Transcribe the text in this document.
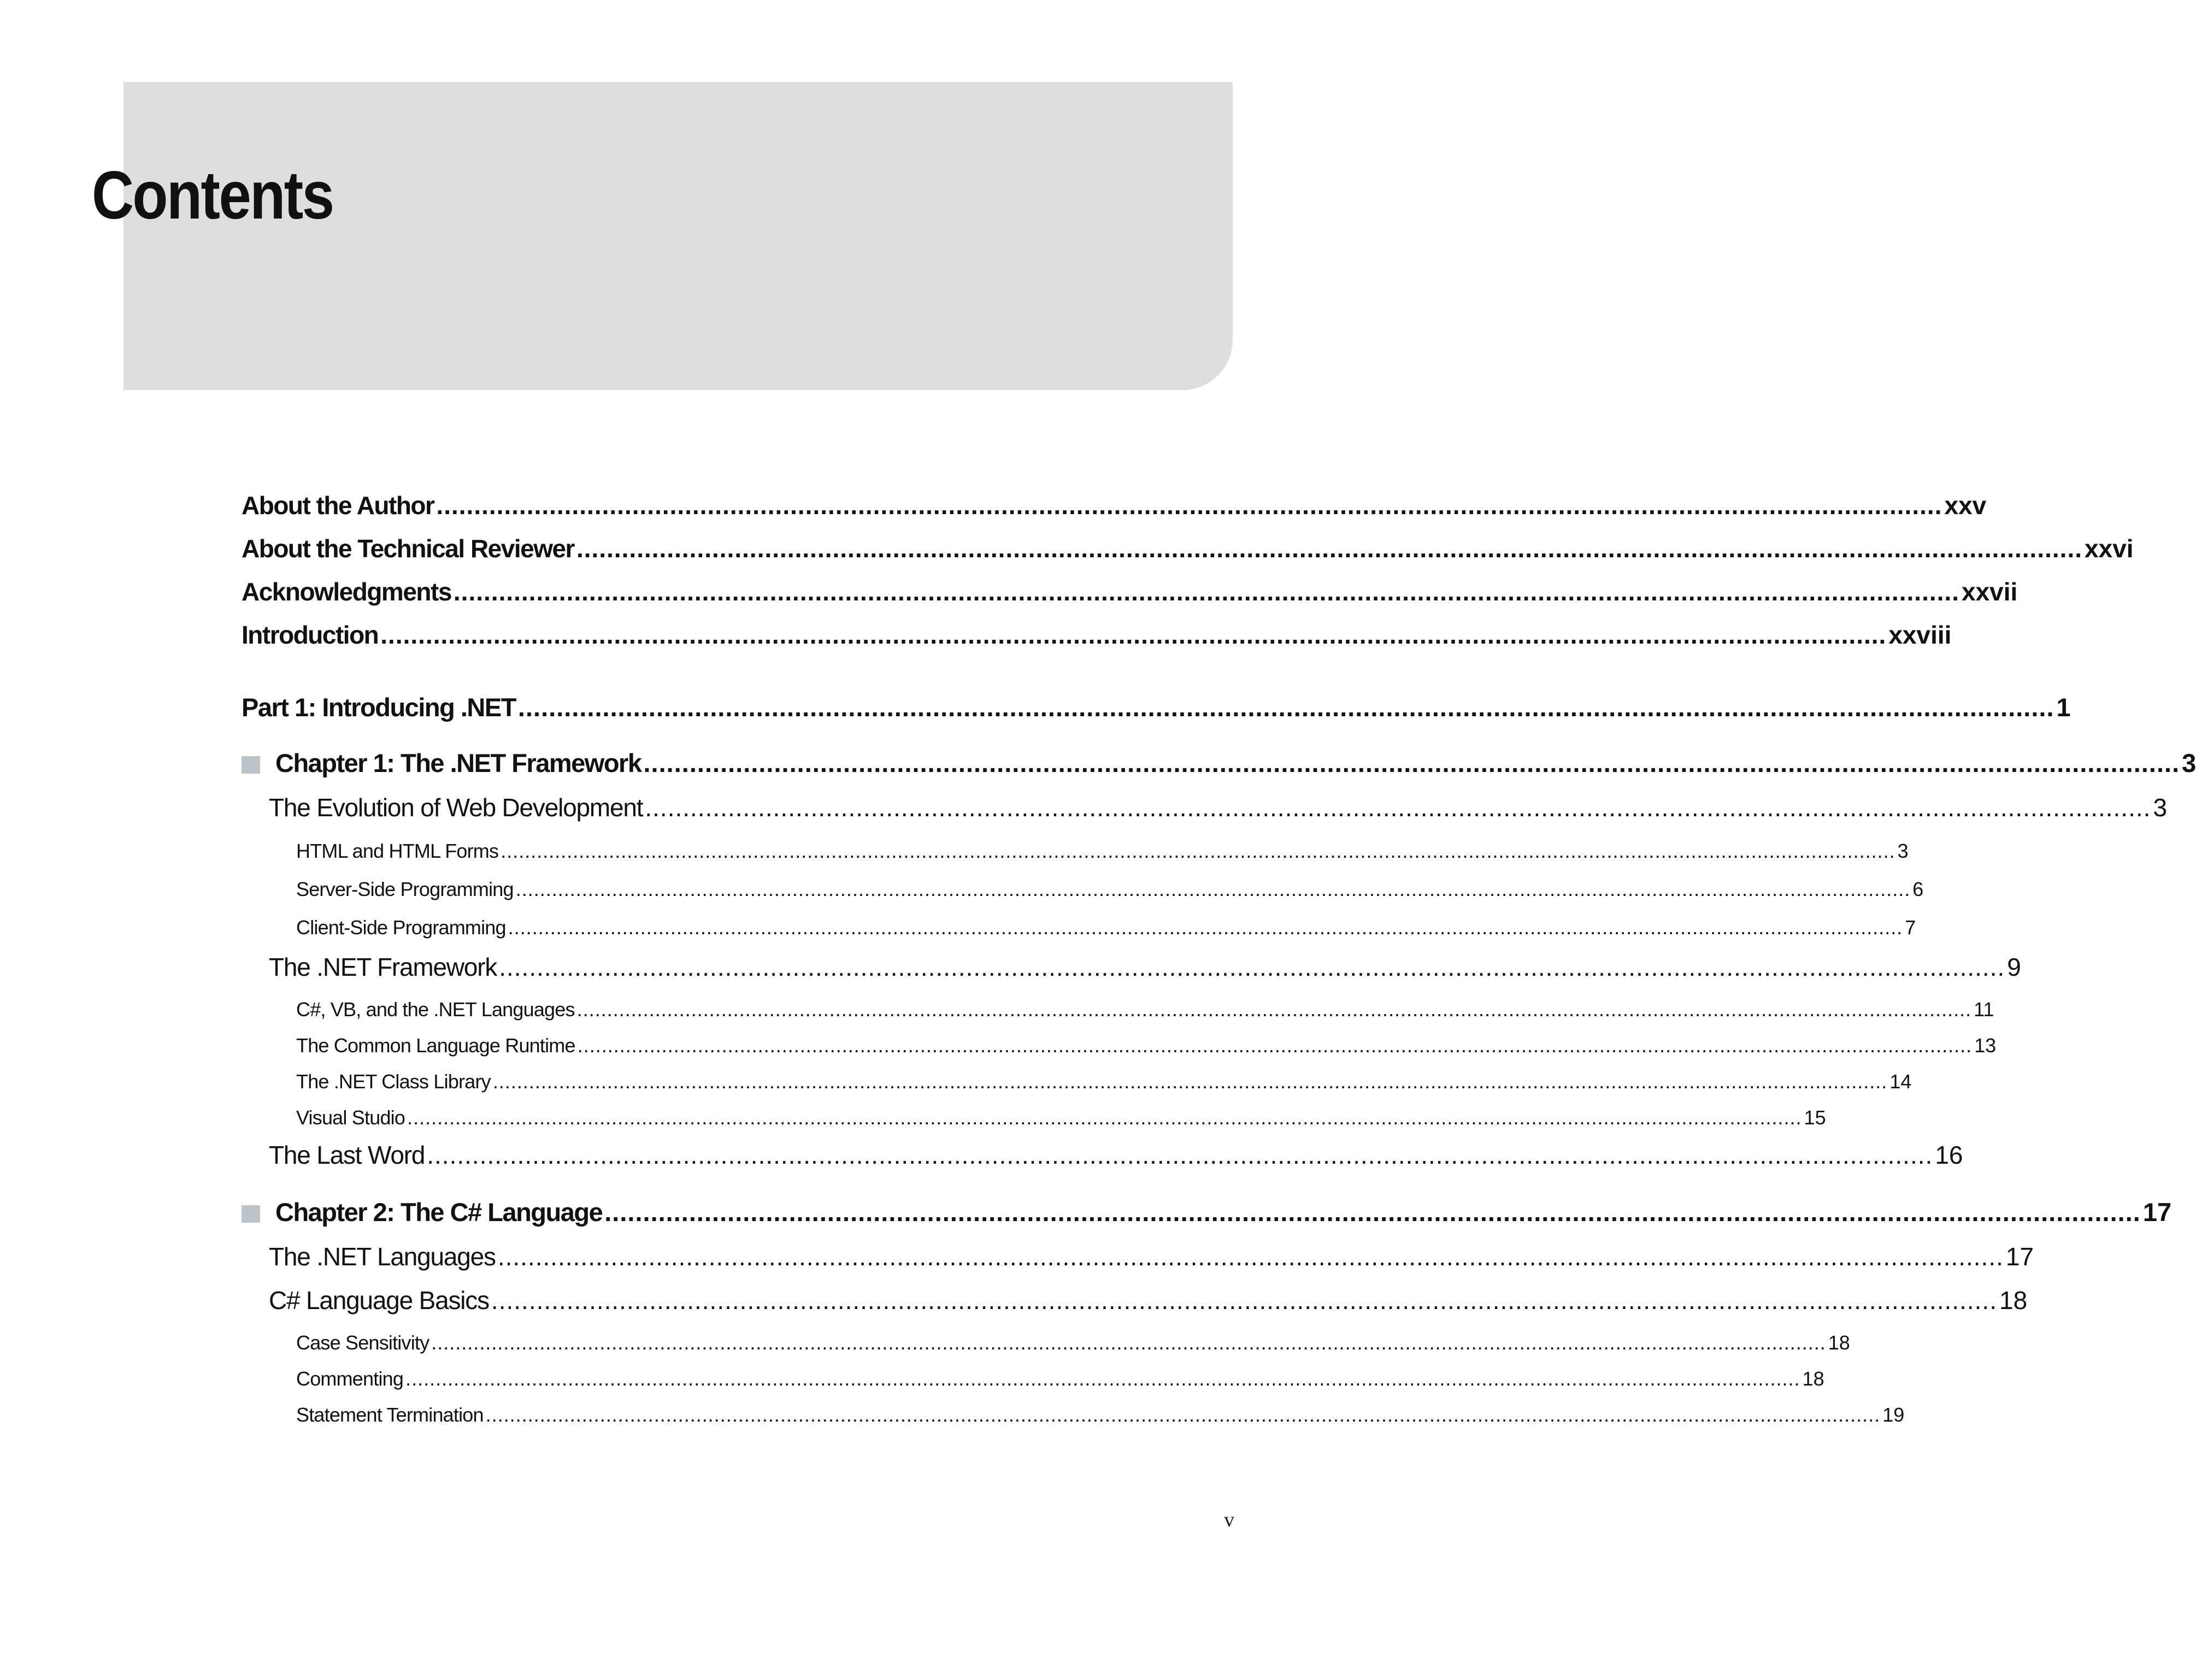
Contents
About the Author ........................................................................................................................................................................................................ xxv
About the Technical Reviewer ........................................................................................................................................................................................................ xxvi
Acknowledgments ........................................................................................................................................................................................................ xxvii
Introduction ........................................................................................................................................................................................................ xxviii
Part 1: Introducing .NET ........................................................................................................................................................................................................ 1
Chapter 1: The .NET Framework ........................................................................................................................................................................................................ 3
The Evolution of Web Development ........................................................................................................................................................................................................ 3
HTML and HTML Forms ........................................................................................................................................................................................................................................ 3
Server-Side Programming ........................................................................................................................................................................................................................................ 6
Client-Side Programming ........................................................................................................................................................................................................................................ 7
The .NET Framework ........................................................................................................................................................................................................ 9
C#, VB, and the .NET Languages ........................................................................................................................................................................................................................................ 11
The Common Language Runtime ........................................................................................................................................................................................................................................ 13
The .NET Class Library ........................................................................................................................................................................................................................................ 14
Visual Studio ........................................................................................................................................................................................................................................ 15
The Last Word ........................................................................................................................................................................................................ 16
Chapter 2: The C# Language ........................................................................................................................................................................................................ 17
The .NET Languages ........................................................................................................................................................................................................ 17
C# Language Basics ........................................................................................................................................................................................................ 18
Case Sensitivity ........................................................................................................................................................................................................................................ 18
Commenting ........................................................................................................................................................................................................................................ 18
Statement Termination ........................................................................................................................................................................................................................................ 19
v
